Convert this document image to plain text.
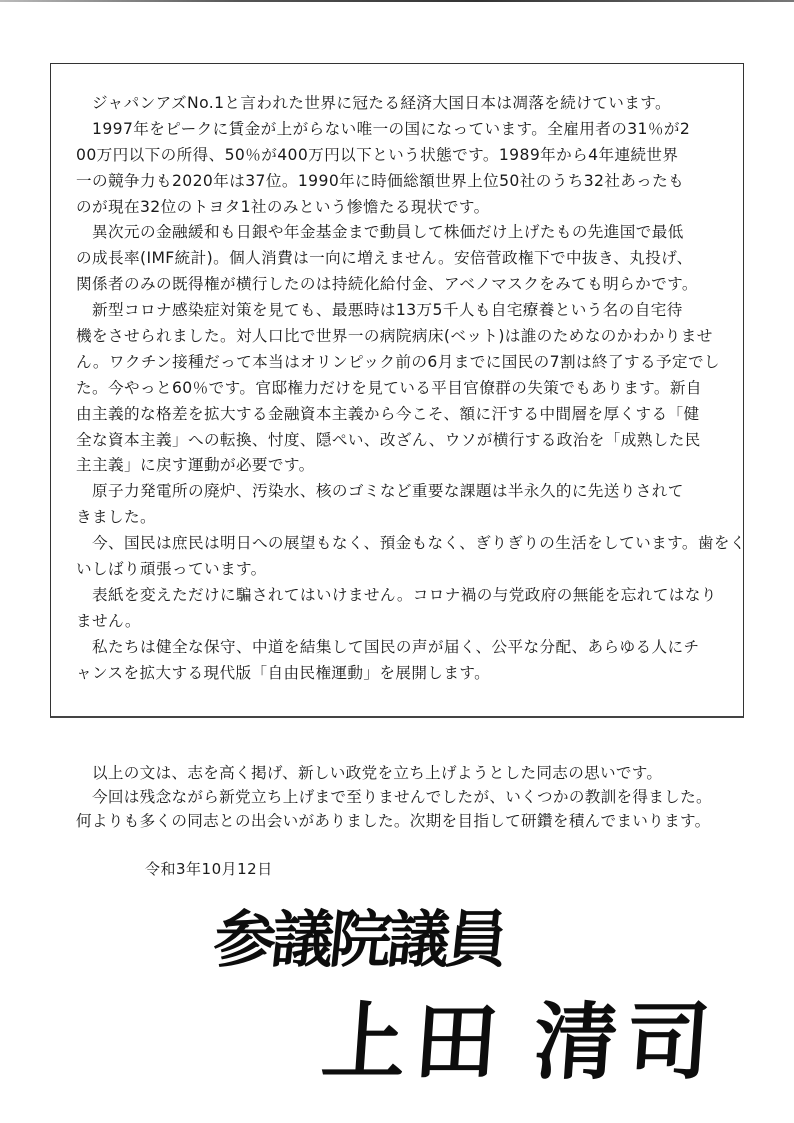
ジャパンアズNo.1と言われた世界に冠たる経済大国日本は凋落を続けています。
1997年をピークに賃金が上がらない唯一の国になっています。全雇用者の31％が2
00万円以下の所得、50％が400万円以下という状態です。1989年から4年連続世界
一の競争力も2020年は37位。1990年に時価総額世界上位50社のうち32社あったも
のが現在32位のトヨタ1社のみという惨憺たる現状です。
異次元の金融緩和も日銀や年金基金まで動員して株価だけ上げたもの先進国で最低
の成長率(IMF統計)。個人消費は一向に増えません。安倍菅政権下で中抜き、丸投げ、
関係者のみの既得権が横行したのは持続化給付金、アベノマスクをみても明らかです。
新型コロナ感染症対策を見ても、最悪時は13万5千人も自宅療養という名の自宅待
機をさせられました。対人口比で世界一の病院病床(ベット)は誰のためなのかわかりませ
ん。ワクチン接種だって本当はオリンピック前の6月までに国民の7割は終了する予定でし
た。今やっと60％です。官邸権力だけを見ている平目官僚群の失策でもあります。新自
由主義的な格差を拡大する金融資本主義から今こそ、額に汗する中間層を厚くする「健
全な資本主義」への転換、忖度、隠ぺい、改ざん、ウソが横行する政治を「成熟した民
主主義」に戻す運動が必要です。
原子力発電所の廃炉、汚染水、核のゴミなど重要な課題は半永久的に先送りされて
きました。
今、国民は庶民は明日への展望もなく、預金もなく、ぎりぎりの生活をしています。歯をく
いしばり頑張っています。
表紙を変えただけに騙されてはいけません。コロナ禍の与党政府の無能を忘れてはなり
ません。
私たちは健全な保守、中道を結集して国民の声が届く、公平な分配、あらゆる人にチ
ャンスを拡大する現代版「自由民権運動」を展開します。
以上の文は、志を高く掲げ、新しい政党を立ち上げようとした同志の思いです。
今回は残念ながら新党立ち上げまで至りませんでしたが、いくつかの教訓を得ました。
何よりも多くの同志との出会いがありました。次期を目指して研鑽を積んでまいります。
令和3年10月12日
参議院議員
上田 清司
